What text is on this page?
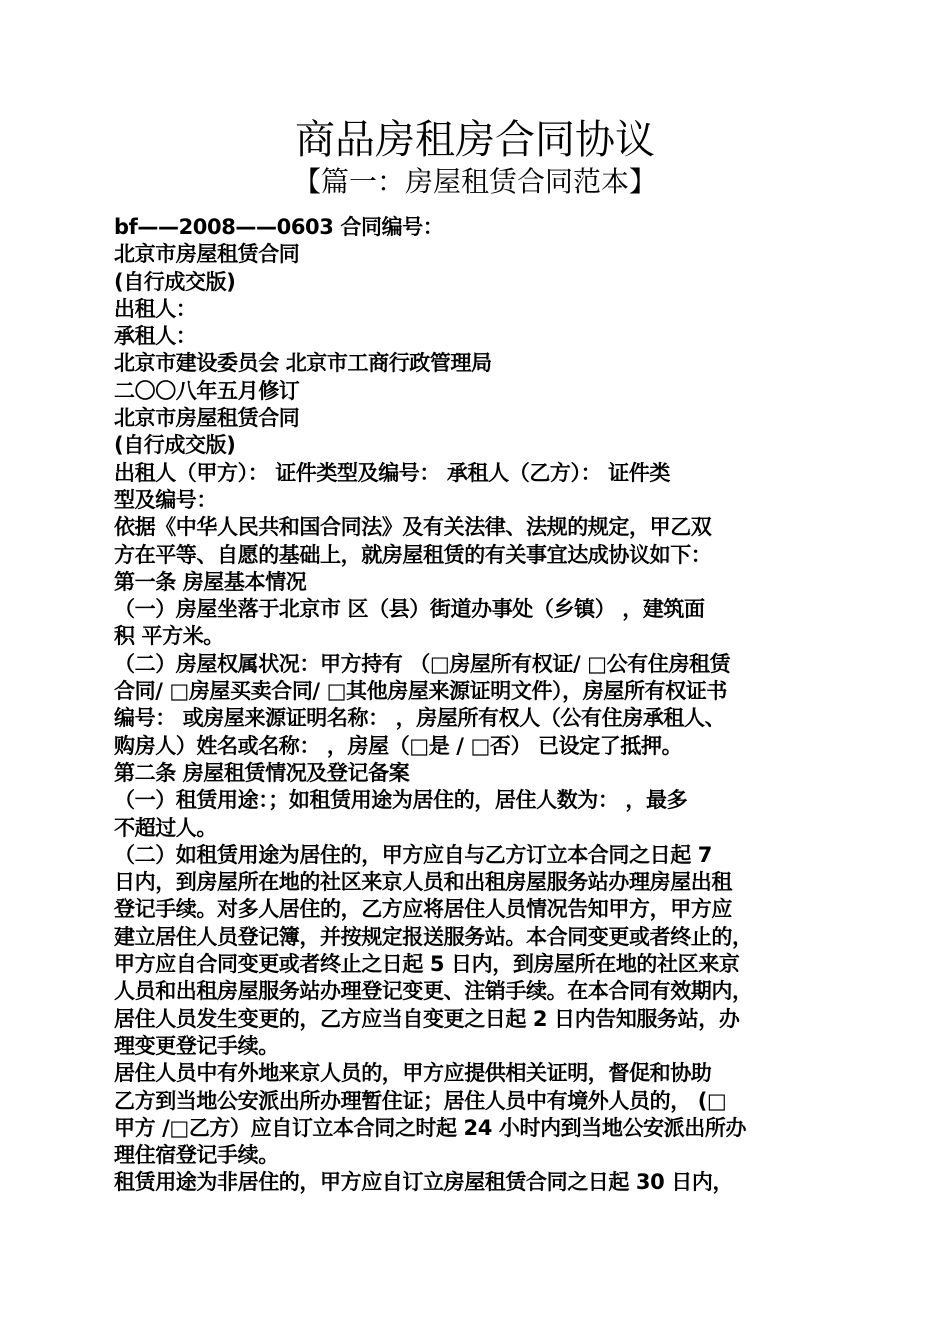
商品房租房合同协议
【篇一：房屋租赁合同范本】
bf——2008——0603 合同编号：
北京市房屋租赁合同
(自行成交版)
出租人：
承租人：
北京市建设委员会 北京市工商行政管理局
二〇〇八年五月修订
北京市房屋租赁合同
(自行成交版)
出租人（甲方）： 证件类型及编号： 承租人（乙方）： 证件类
型及编号：
依据《中华人民共和国合同法》及有关法律、法规的规定，甲乙双
方在平等、自愿的基础上，就房屋租赁的有关事宜达成协议如下：
第一条 房屋基本情况
（一）房屋坐落于北京市 区（县）街道办事处（乡镇） ，建筑面
积 平方米。
（二）房屋权属状况：甲方持有 （□房屋所有权证/ □公有住房租赁
合同/ □房屋买卖合同/ □其他房屋来源证明文件），房屋所有权证书
编号： 或房屋来源证明名称： ，房屋所有权人（公有住房承租人、
购房人）姓名或名称： ，房屋（□是 / □否） 已设定了抵押。
第二条 房屋租赁情况及登记备案
（一）租赁用途：；如租赁用途为居住的，居住人数为： ，最多
不超过人。
（二）如租赁用途为居住的，甲方应自与乙方订立本合同之日起 7
日内，到房屋所在地的社区来京人员和出租房屋服务站办理房屋出租
登记手续。对多人居住的，乙方应将居住人员情况告知甲方，甲方应
建立居住人员登记簿，并按规定报送服务站。本合同变更或者终止的，
甲方应自合同变更或者终止之日起 5 日内，到房屋所在地的社区来京
人员和出租房屋服务站办理登记变更、注销手续。在本合同有效期内，
居住人员发生变更的，乙方应当自变更之日起 2 日内告知服务站，办
理变更登记手续。
居住人员中有外地来京人员的，甲方应提供相关证明，督促和协助
乙方到当地公安派出所办理暂住证；居住人员中有境外人员的， (□
甲方 /□乙方）应自订立本合同之时起 24 小时内到当地公安派出所办
理住宿登记手续。
租赁用途为非居住的，甲方应自订立房屋租赁合同之日起 30 日内，
